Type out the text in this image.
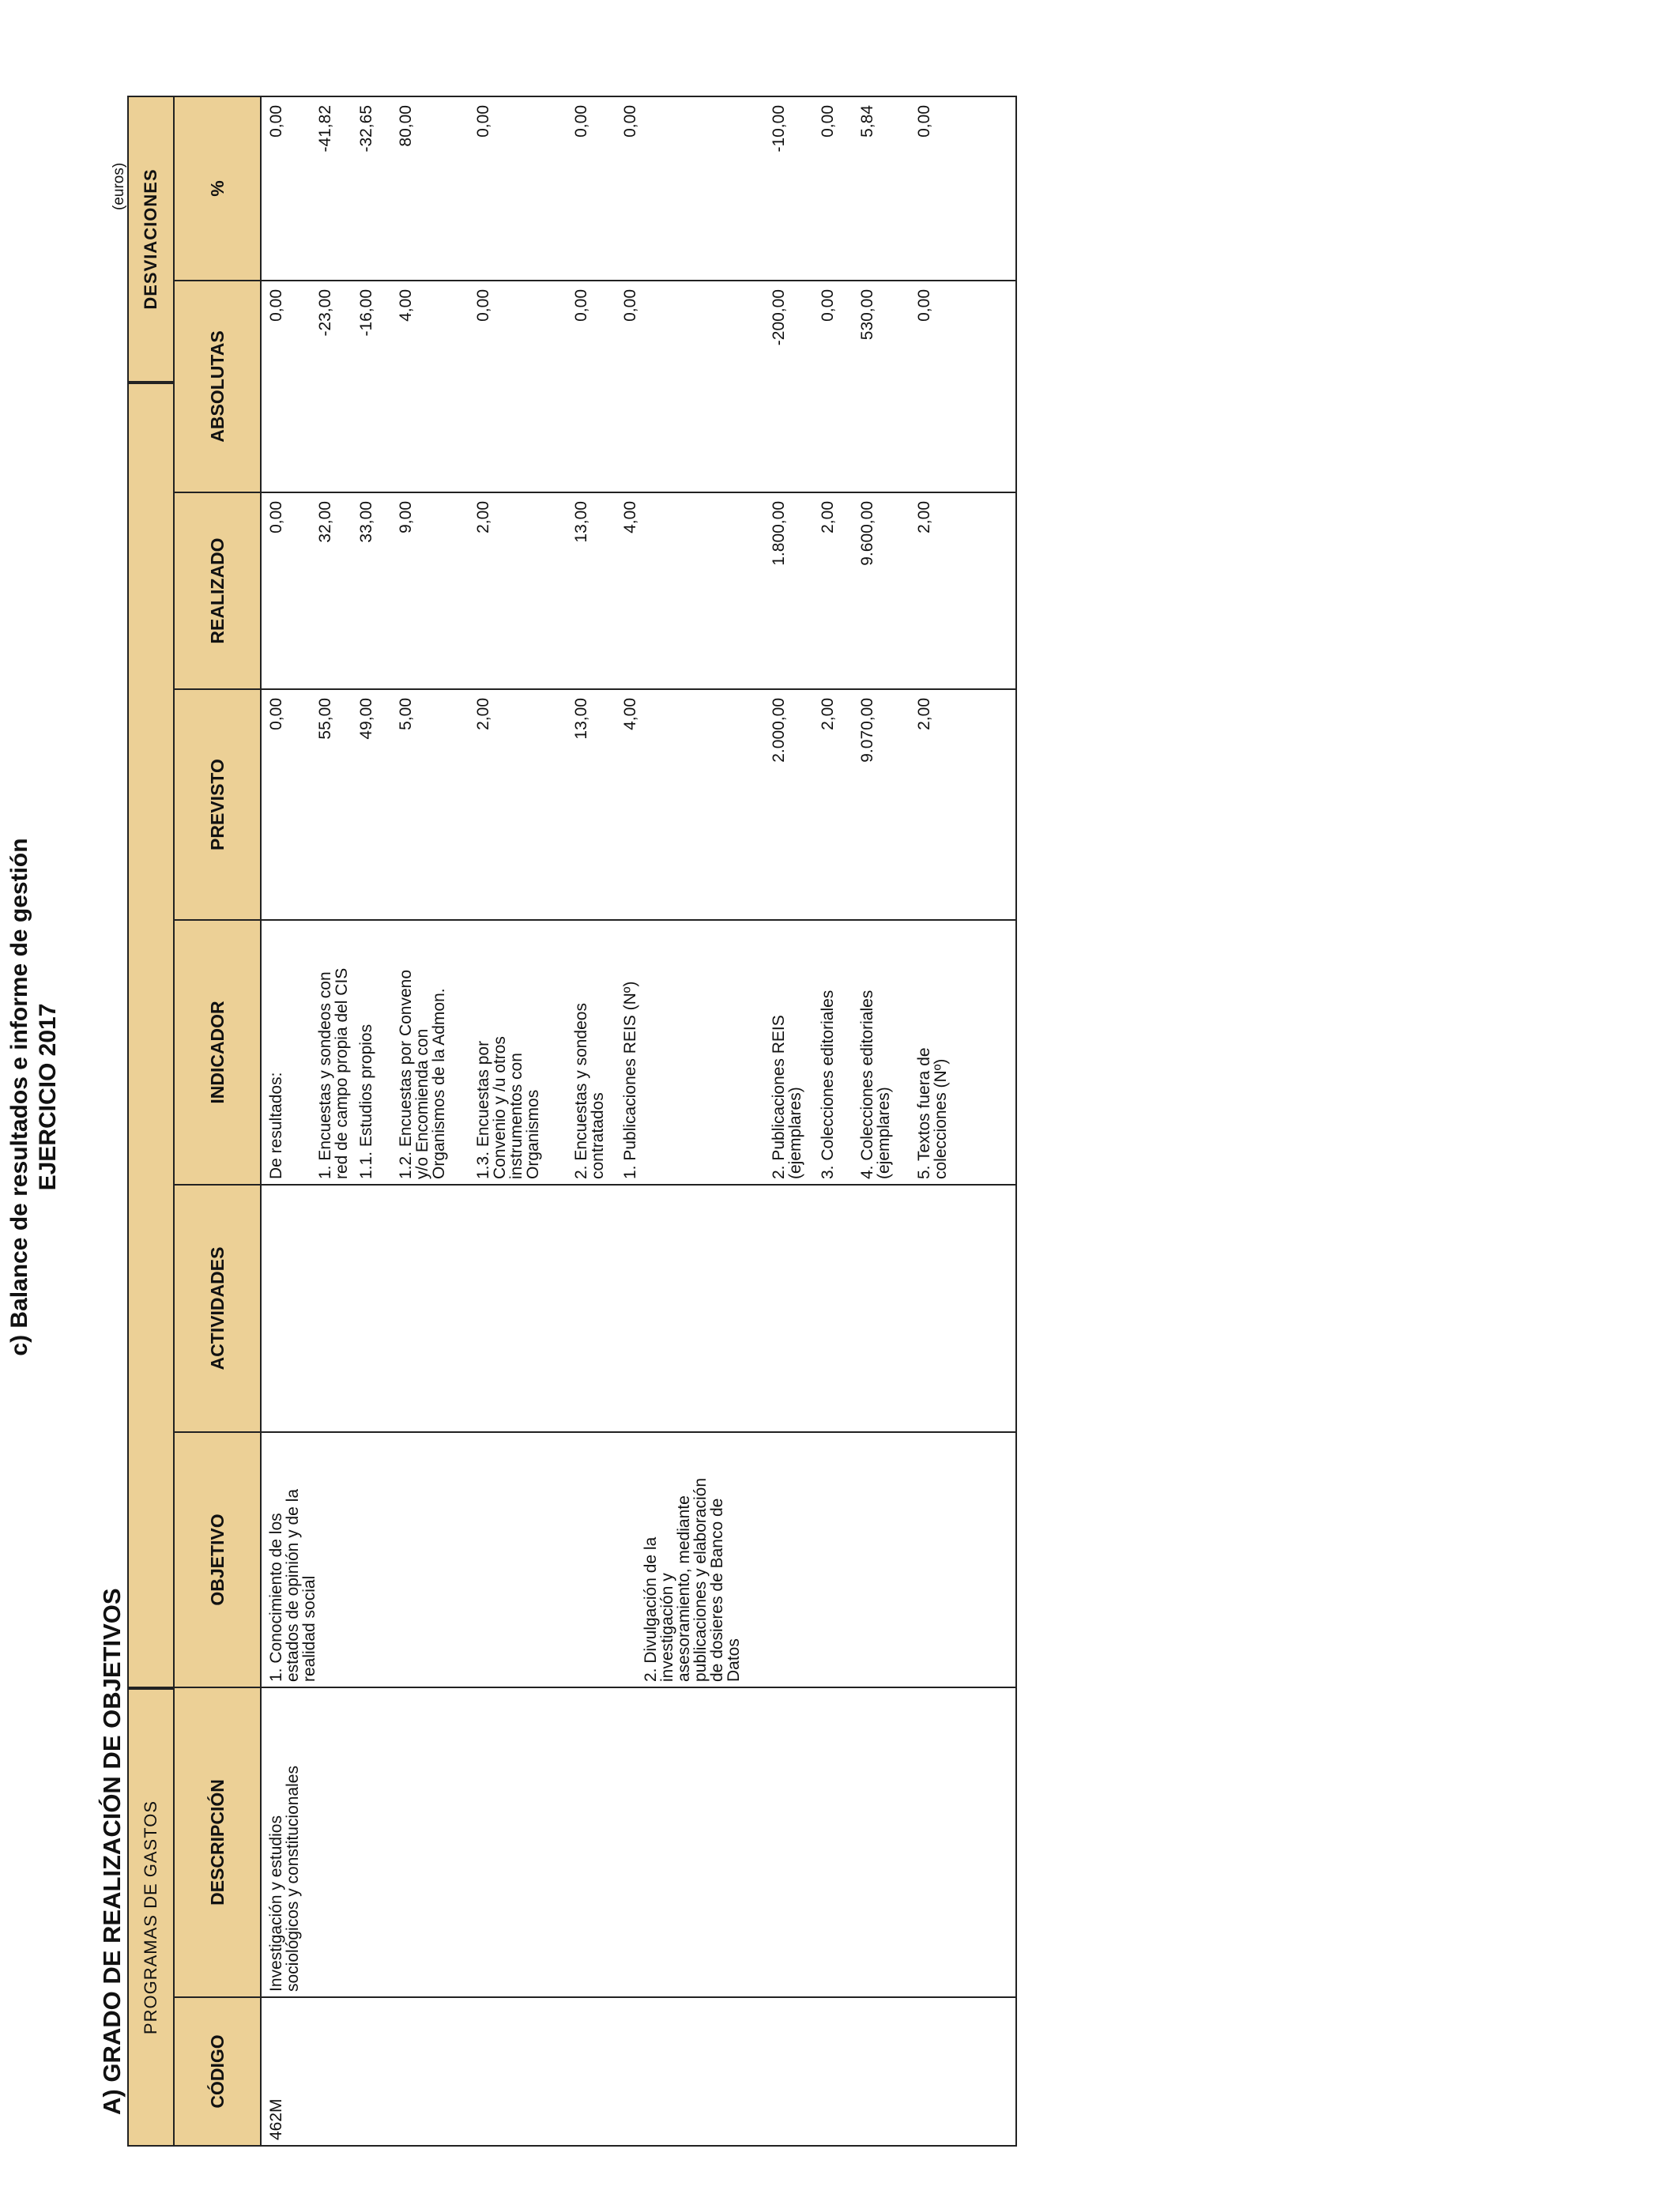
c) Balance de resultados e informe de gestión EJERCICIO 2017
A) GRADO DE REALIZACIÓN DE OBJETIVOS
(euros)
PROGRAMAS DE GASTOS
DESVIACIONES
CÓDIGO
DESCRIPCIÓN
OBJETIVO
ACTIVIDADES
INDICADOR
PREVISTO
REALIZADO
ABSOLUTAS
%
462M
Investigación y estudios
sociológicos y constitucionales
1. Conocimiento de los
estados de opinión y de la
realidad social
2. Divulgación de la
investigación y
asesoramiento, mediante
publicaciones y elaboración
de dosieres de Banco de
Datos
De resultados:
0,00
0,00
0,00
0,00
1. Encuestas y sondeos con
red de campo propia del CIS
55,00
32,00
-23,00
-41,82
1.1. Estudios propios
49,00
33,00
-16,00
-32,65
1.2. Encuestas por Conveno
y/o Encomienda con
Organismos de la Admon.
5,00
9,00
4,00
80,00
1.3. Encuestas por
Convenio y /u otros
instrumentos con
Organismos
2,00
2,00
0,00
0,00
2. Encuestas y sondeos
contratados
13,00
13,00
0,00
0,00
1. Publicaciones REIS (Nº)
4,00
4,00
0,00
0,00
2. Publicaciones REIS
(ejemplares)
2.000,00
1.800,00
-200,00
-10,00
3. Colecciones editoriales
2,00
2,00
0,00
0,00
4. Colecciones editoriales
(ejemplares)
9.070,00
9.600,00
530,00
5,84
5. Textos fuera de
colecciones (Nº)
2,00
2,00
0,00
0,00
